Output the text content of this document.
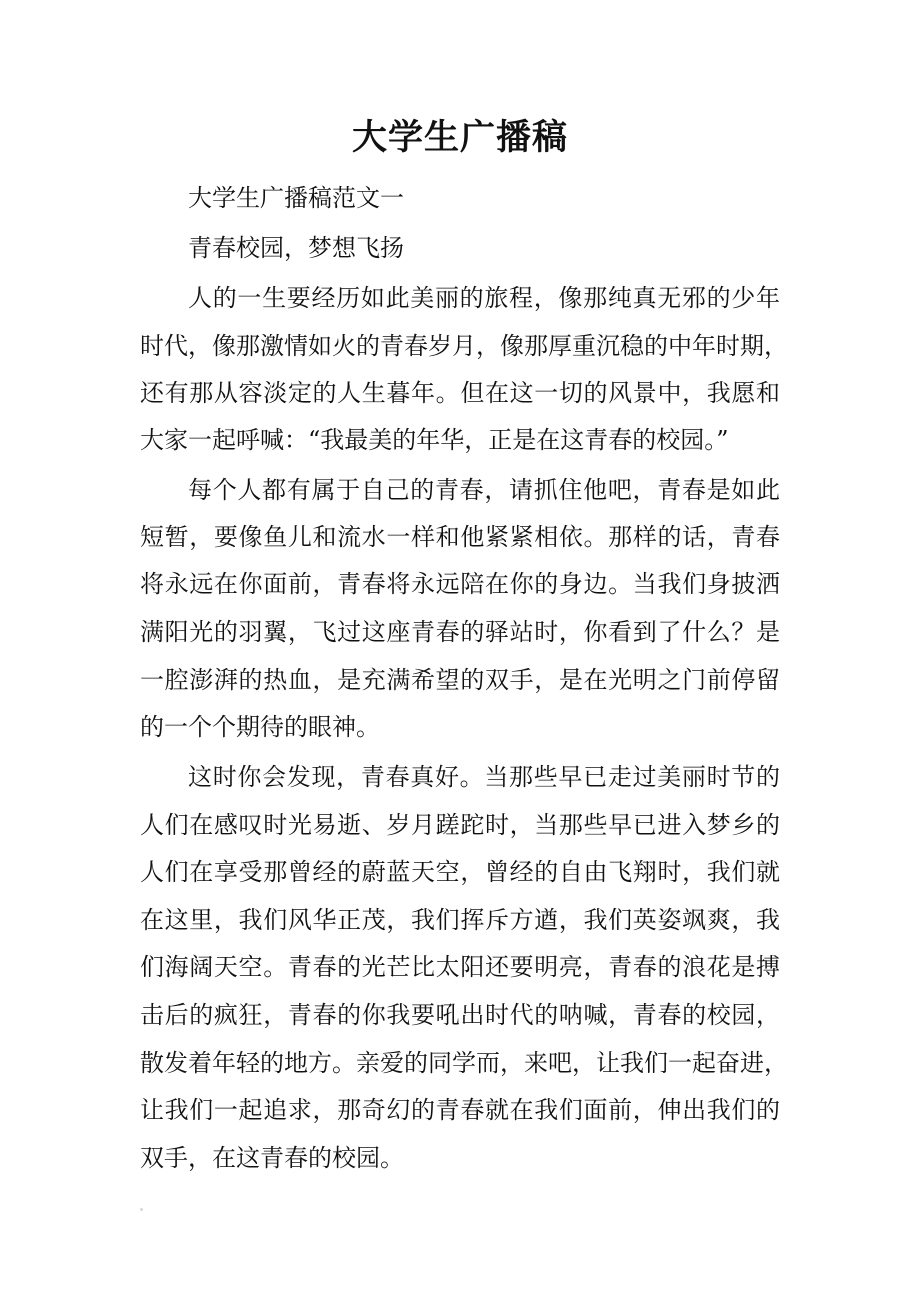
大学生广播稿
大学生广播稿范文一
青春校园，梦想飞扬
人的一生要经历如此美丽的旅程，像那纯真无邪的少年
时代，像那激情如火的青春岁月，像那厚重沉稳的中年时期，
还有那从容淡定的人生暮年。但在这一切的风景中，我愿和
大家一起呼喊：“我最美的年华，正是在这青春的校园。”
每个人都有属于自己的青春，请抓住他吧，青春是如此
短暂，要像鱼儿和流水一样和他紧紧相依。那样的话，青春
将永远在你面前，青春将永远陪在你的身边。当我们身披洒
满阳光的羽翼，飞过这座青春的驿站时，你看到了什么？是
一腔澎湃的热血，是充满希望的双手，是在光明之门前停留
的一个个期待的眼神。
这时你会发现，青春真好。当那些早已走过美丽时节的
人们在感叹时光易逝、岁月蹉跎时，当那些早已进入梦乡的
人们在享受那曾经的蔚蓝天空，曾经的自由飞翔时，我们就
在这里，我们风华正茂，我们挥斥方遒，我们英姿飒爽，我
们海阔天空。青春的光芒比太阳还要明亮，青春的浪花是搏
击后的疯狂，青春的你我要吼出时代的呐喊，青春的校园，
散发着年轻的地方。亲爱的同学而，来吧，让我们一起奋进，
让我们一起追求，那奇幻的青春就在我们面前，伸出我们的
双手，在这青春的校园。
